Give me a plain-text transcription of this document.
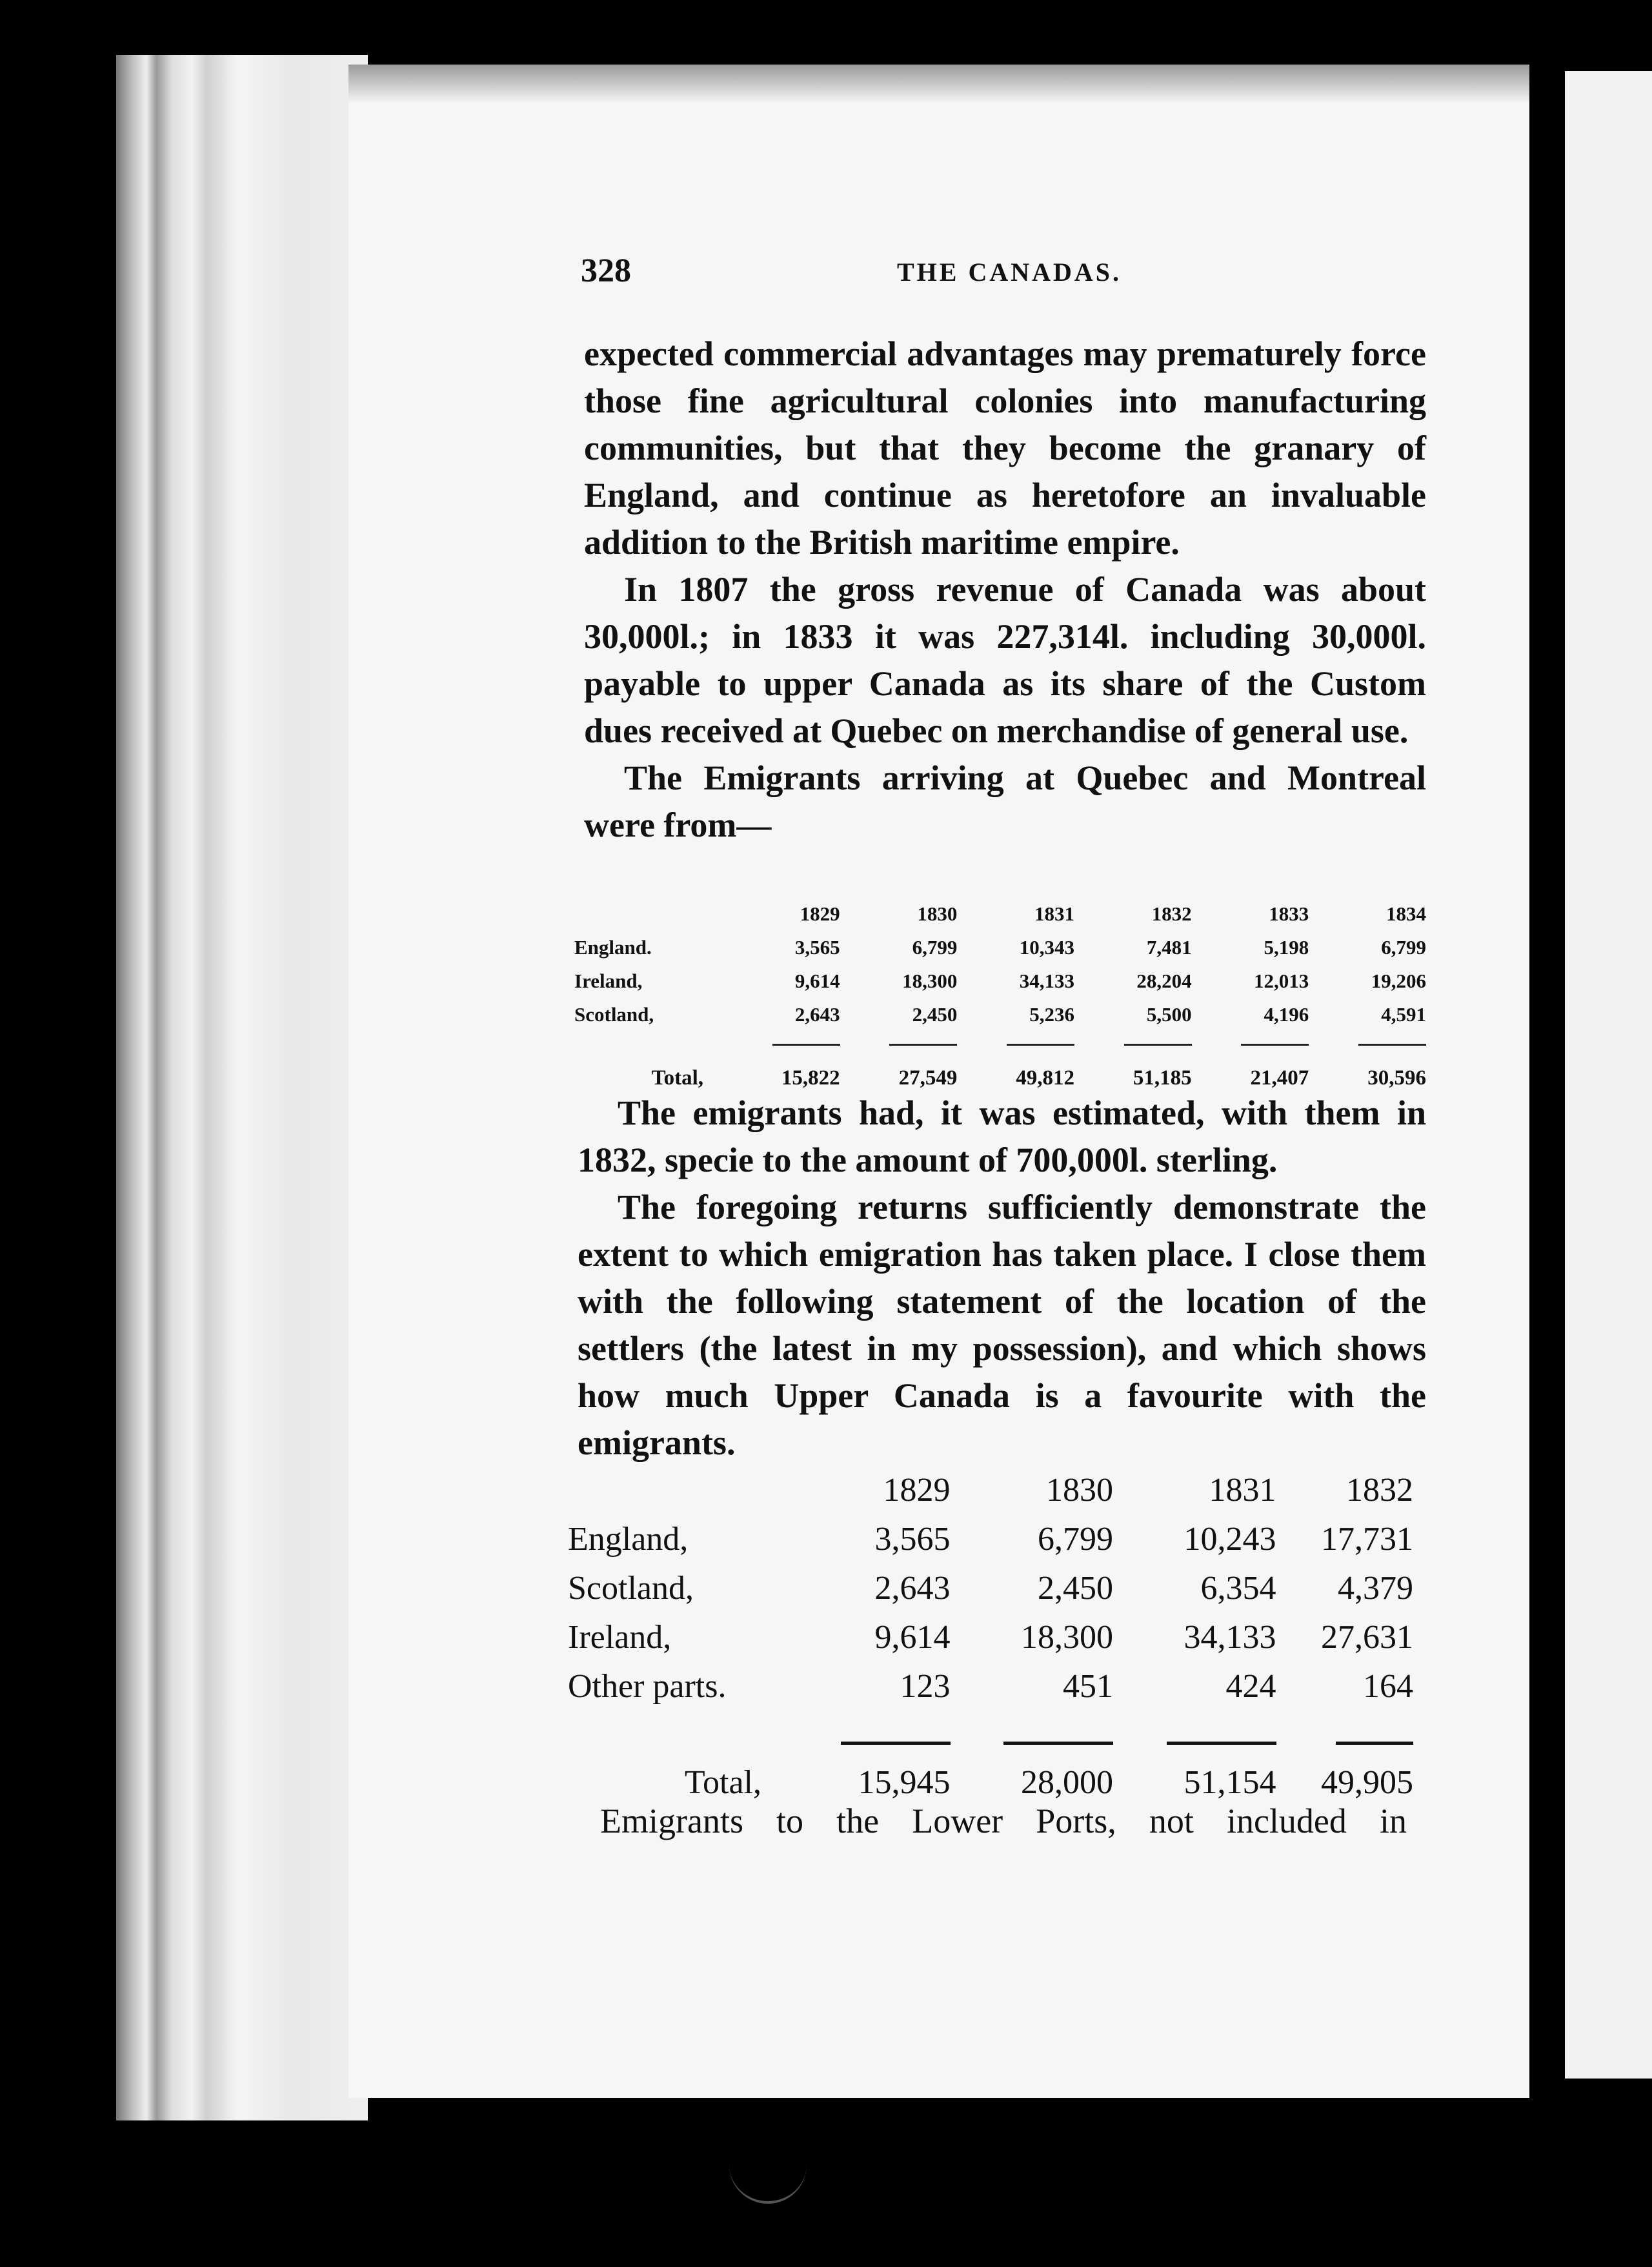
328	THE CANADAS.

expected commercial advantages may prematurely force those fine agricultural colonies into manufacturing communities, but that they become the granary of England, and continue as heretofore an invaluable addition to the British maritime empire.

In 1807 the gross revenue of Canada was about 30,000l.; in 1833 it was 227,314l. including 30,000l. payable to upper Canada as its share of the Custom dues received at Quebec on merchandise of general use.

The Emigrants arriving at Quebec and Montreal were from—

	1829	1830	1831	1832	1833	1834
England.	3,565	6,799	10,343	7,481	5,198	6,799
Ireland,	9,614	18,300	34,133	28,204	12,013	19,206
Scotland,	2,643	2,450	5,236	5,500	4,196	4,591

Total,	15,822	27,549	49,812	51,185	21,407	30,596

The emigrants had, it was estimated, with them in 1832, specie to the amount of 700,000l. sterling.

The foregoing returns sufficiently demonstrate the extent to which emigration has taken place. I close them with the following statement of the location of the settlers (the latest in my possession), and which shows how much Upper Canada is a favourite with the emigrants.

	1829	1830	1831	1832
England,	3,565	6,799	10,243	17,731
Scotland,	2,643	2,450	6,354	4,379
Ireland,	9,614	18,300	34,133	27,631
Other parts.	123	451	424	164

Total,	15,945	28,000	51,154	49,905
Emigrants to the Lower Ports, not included in
